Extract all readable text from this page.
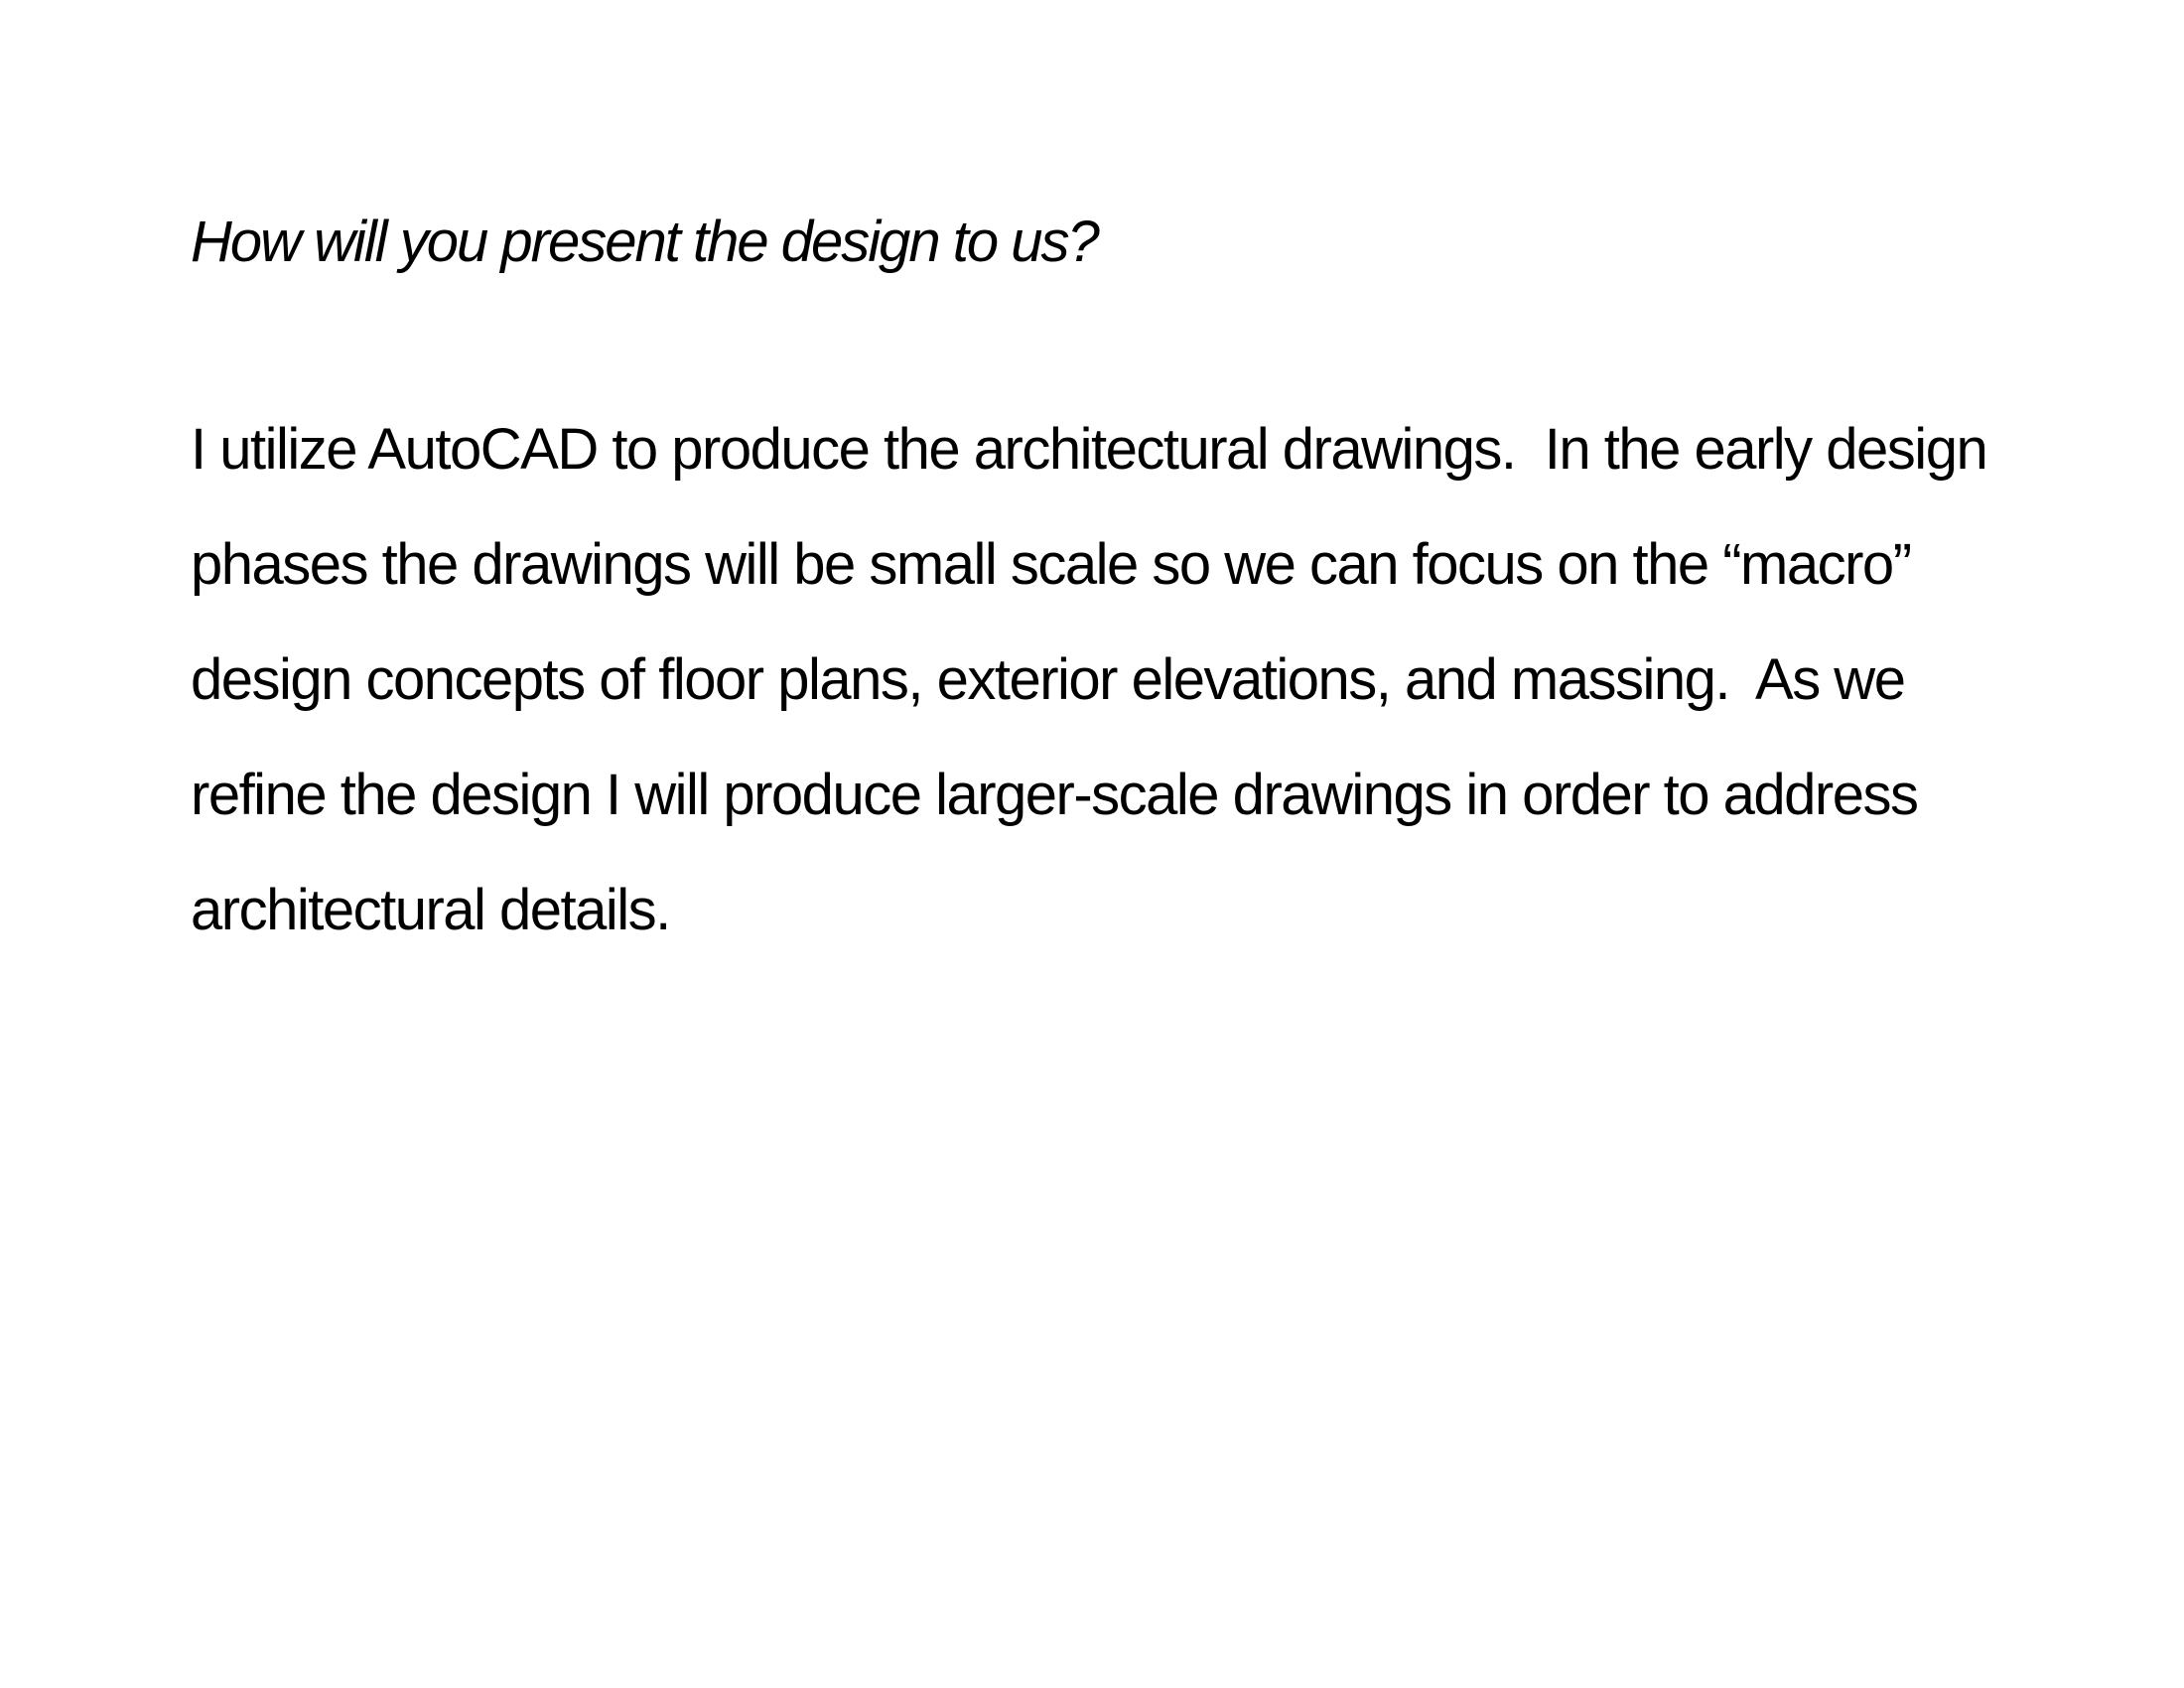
How will you present the design to us?

I utilize AutoCAD to produce the architectural drawings.  In the early design
phases the drawings will be small scale so we can focus on the “macro”
design concepts of floor plans, exterior elevations, and massing.  As we
refine the design I will produce larger-scale drawings in order to address
architectural details.
